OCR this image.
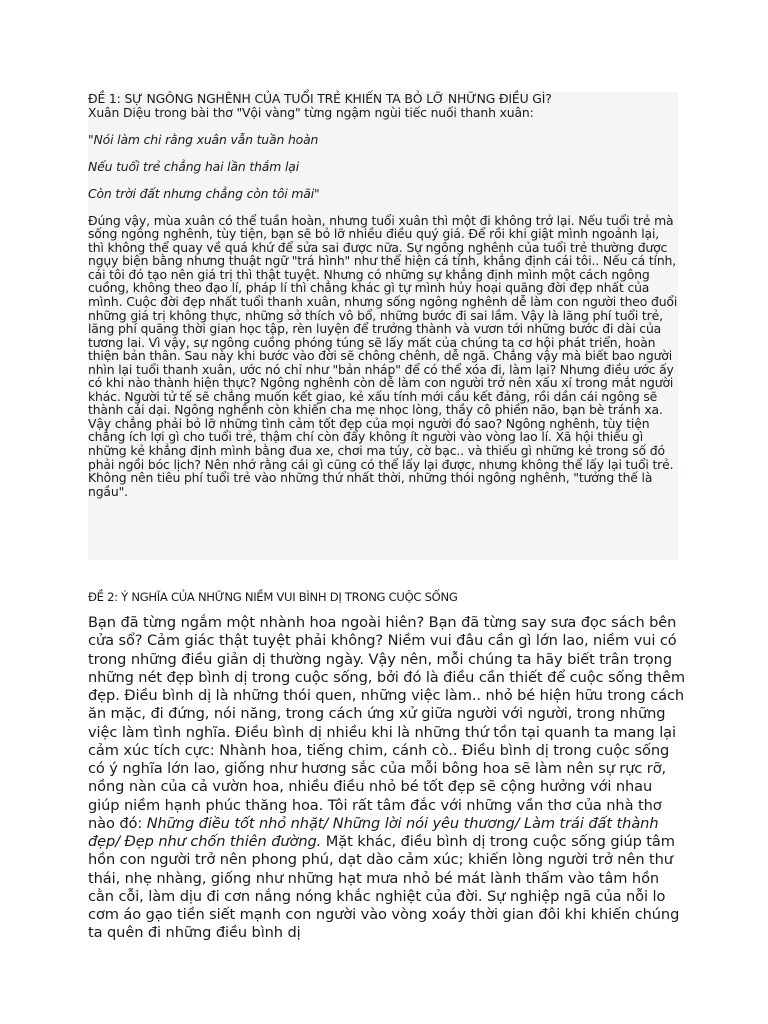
ĐỀ 1: SỰ NGÔNG NGHÊNH CỦA TUỔI TRẺ KHIẾN TA BỎ LỠ NHỮNG ĐIỀU GÌ?

Xuân Diệu trong bài thơ "Vội vàng" từng ngậm ngùi tiếc nuối thanh xuân:

"Nói làm chi rằng xuân vẫn tuần hoàn

Nếu tuổi trẻ chẳng hai lần thắm lại

Còn trời đất nhưng chẳng còn tôi mãi"

Đúng vậy, mùa xuân có thể tuần hoàn, nhưng tuổi xuân thì một đi không trở lại. Nếu tuổi trẻ mà sống ngông nghênh, tùy tiện, bạn sẽ bỏ lỡ nhiều điều quý giá. Để rồi khi giật mình ngoảnh lại, thì không thể quay về quá khứ để sửa sai được nữa. Sự ngông nghênh của tuổi trẻ thường được ngụy biện bằng nhưng thuật ngữ "trá hình" như thể hiện cá tính, khẳng định cái tôi.. Nếu cá tính, cái tôi đó tạo nên giá trị thì thật tuyệt. Nhưng có những sự khẳng định mình một cách ngông cuồng, không theo đạo lí, pháp lí thì chẳng khác gì tự mình hủy hoại quãng đời đẹp nhất của mình. Cuộc đời đẹp nhất tuổi thanh xuân, nhưng sống ngông nghênh dễ làm con người theo đuổi những giá trị không thực, những sở thích vô bổ, những bước đi sai lầm. Vậy là lãng phí tuổi trẻ, lãng phí quãng thời gian học tập, rèn luyện để trưởng thành và vươn tới những bước đi dài của tương lai. Vì vậy, sự ngông cuồng phóng túng sẽ lấy mất của chúng ta cơ hội phát triển, hoàn thiện bản thân. Sau này khi bước vào đời sẽ chông chênh, dễ ngã. Chẳng vậy mà biết bao người nhìn lại tuổi thanh xuân, ước nó chỉ như "bản nháp" để có thể xóa đi, làm lại? Nhưng điều ước ấy có khi nào thành hiện thực? Ngông nghênh còn dễ làm con người trở nên xấu xí trong mắt người khác. Người tử tế sẽ chẳng muốn kết giao, kẻ xấu tính mới cầu kết đảng, rồi dần cái ngông sẽ thành cái dại. Ngông nghênh còn khiến cha mẹ nhọc lòng, thầy cô phiền não, bạn bè tránh xa. Vậy chẳng phải bỏ lỡ những tình cảm tốt đẹp của mọi người đó sao? Ngông nghênh, tùy tiện chẳng ích lợi gì cho tuổi trẻ, thậm chí còn đẩy không ít người vào vòng lao lí. Xã hội thiếu gì những kẻ khẳng định mình bằng đua xe, chơi ma túy, cờ bạc.. và thiếu gì những kẻ trong số đó phải ngồi bóc lịch? Nên nhớ rằng cái gì cũng có thể lấy lại được, nhưng không thể lấy lại tuổi trẻ. Không nên tiêu phí tuổi trẻ vào những thứ nhất thời, những thói ngông nghênh, "tưởng thế là ngầu".

ĐỀ 2: Ý NGHĨA CỦA NHỮNG NIỀM VUI BÌNH DỊ TRONG CUỘC SỐNG

Bạn đã từng ngắm một nhành hoa ngoài hiên? Bạn đã từng say sưa đọc sách bên cửa sổ? Cảm giác thật tuyệt phải không? Niềm vui đâu cần gì lớn lao, niềm vui có trong những điều giản dị thường ngày. Vậy nên, mỗi chúng ta hãy biết trân trọng những nét đẹp bình dị trong cuộc sống, bởi đó là điều cần thiết để cuộc sống thêm đẹp. Điều bình dị là những thói quen, những việc làm.. nhỏ bé hiện hữu trong cách ăn mặc, đi đứng, nói năng, trong cách ứng xử giữa người với người, trong những việc làm tình nghĩa. Điều bình dị nhiều khi là những thứ tồn tại quanh ta mang lại cảm xúc tích cực: Nhành hoa, tiếng chim, cánh cò.. Điều bình dị trong cuộc sống có ý nghĩa lớn lao, giống như hương sắc của mỗi bông hoa sẽ làm nên sự rực rỡ, nồng nàn của cả vườn hoa, nhiều điều nhỏ bé tốt đẹp sẽ cộng hưởng với nhau giúp niềm hạnh phúc thăng hoa. Tôi rất tâm đắc với những vần thơ của nhà thơ nào đó: Những điều tốt nhỏ nhặt/ Những lời nói yêu thương/ Làm trái đất thành đẹp/ Đẹp như chốn thiên đường. Mặt khác, điều bình dị trong cuộc sống giúp tâm hồn con người trở nên phong phú, dạt dào cảm xúc; khiến lòng người trở nên thư thái, nhẹ nhàng, giống như những hạt mưa nhỏ bé mát lành thấm vào tâm hồn cằn cỗi, làm dịu đi cơn nắng nóng khắc nghiệt của đời. Sự nghiệp ngã của nỗi lo cơm áo gạo tiền siết mạnh con người vào vòng xoáy thời gian đôi khi khiến chúng ta quên đi những điều bình dị
